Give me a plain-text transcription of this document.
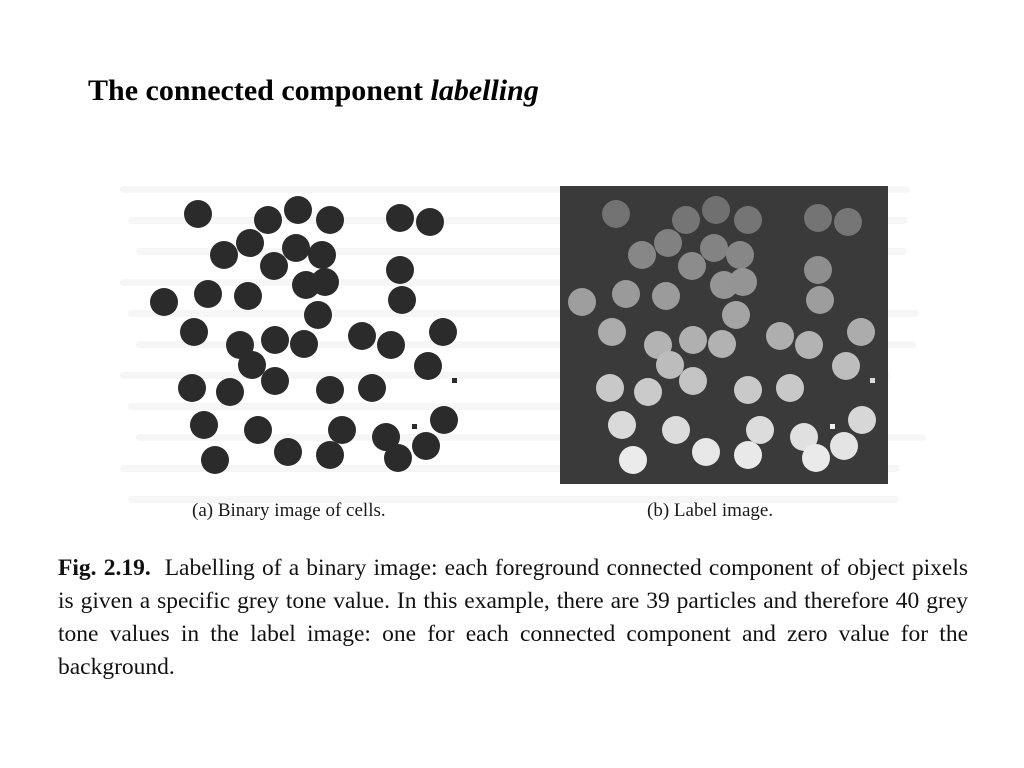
The connected component labelling
(a) Binary image of cells.	(b) Label image.
Fig. 2.19. Labelling of a binary image: each foreground connected component of object pixels is given a specific grey tone value. In this example, there are 39 particles and therefore 40 grey tone values in the label image: one for each connected component and zero value for the background.
